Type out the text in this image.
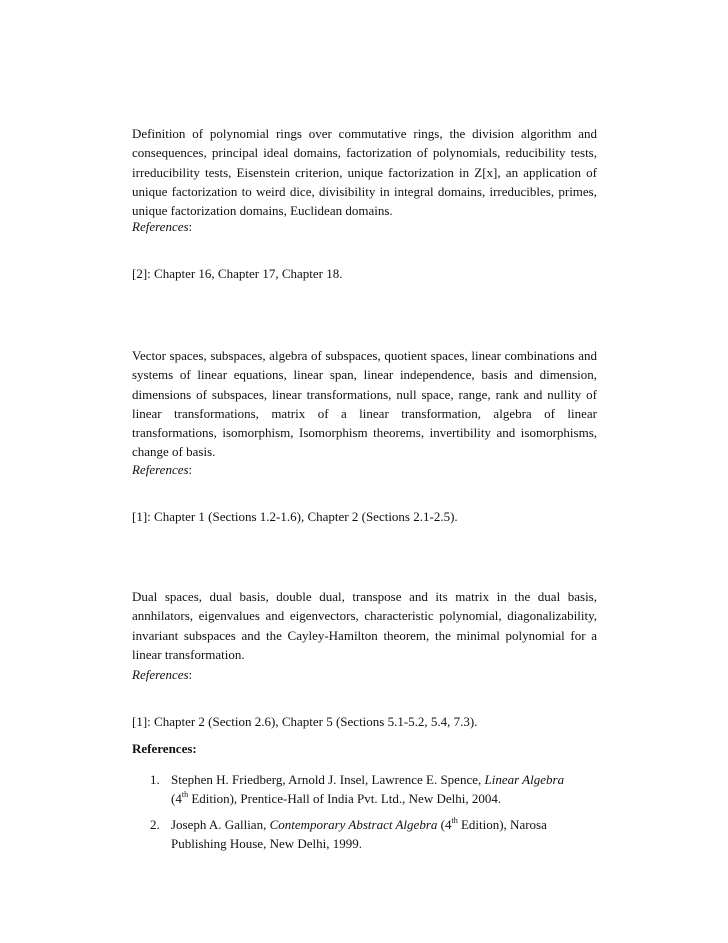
Definition of polynomial rings over commutative rings, the division algorithm and consequences, principal ideal domains, factorization of polynomials, reducibility tests, irreducibility tests, Eisenstein criterion, unique factorization in Z[x], an application of unique factorization to weird dice, divisibility in integral domains, irreducibles, primes, unique factorization domains, Euclidean domains.

References:

[2]: Chapter 16, Chapter 17, Chapter 18.

Vector spaces, subspaces, algebra of subspaces, quotient spaces, linear combinations and systems of linear equations, linear span, linear independence, basis and dimension, dimensions of subspaces, linear transformations, null space, range, rank and nullity of linear transformations, matrix of a linear transformation, algebra of linear transformations, isomorphism, Isomorphism theorems, invertibility and isomorphisms, change of basis.

References:

[1]: Chapter 1 (Sections 1.2-1.6), Chapter 2 (Sections 2.1-2.5).

Dual spaces, dual basis, double dual, transpose and its matrix in the dual basis, annhilators, eigenvalues and eigenvectors, characteristic polynomial, diagonalizability, invariant subspaces and the Cayley-Hamilton theorem, the minimal polynomial for a linear transformation.

References:

[1]: Chapter 2 (Section 2.6), Chapter 5 (Sections 5.1-5.2, 5.4, 7.3).

References:

1. Stephen H. Friedberg, Arnold J. Insel, Lawrence E. Spence, Linear Algebra
(4th Edition), Prentice-Hall of India Pvt. Ltd., New Delhi, 2004.
2. Joseph A. Gallian, Contemporary Abstract Algebra (4th Edition), Narosa Publishing House, New Delhi, 1999.
